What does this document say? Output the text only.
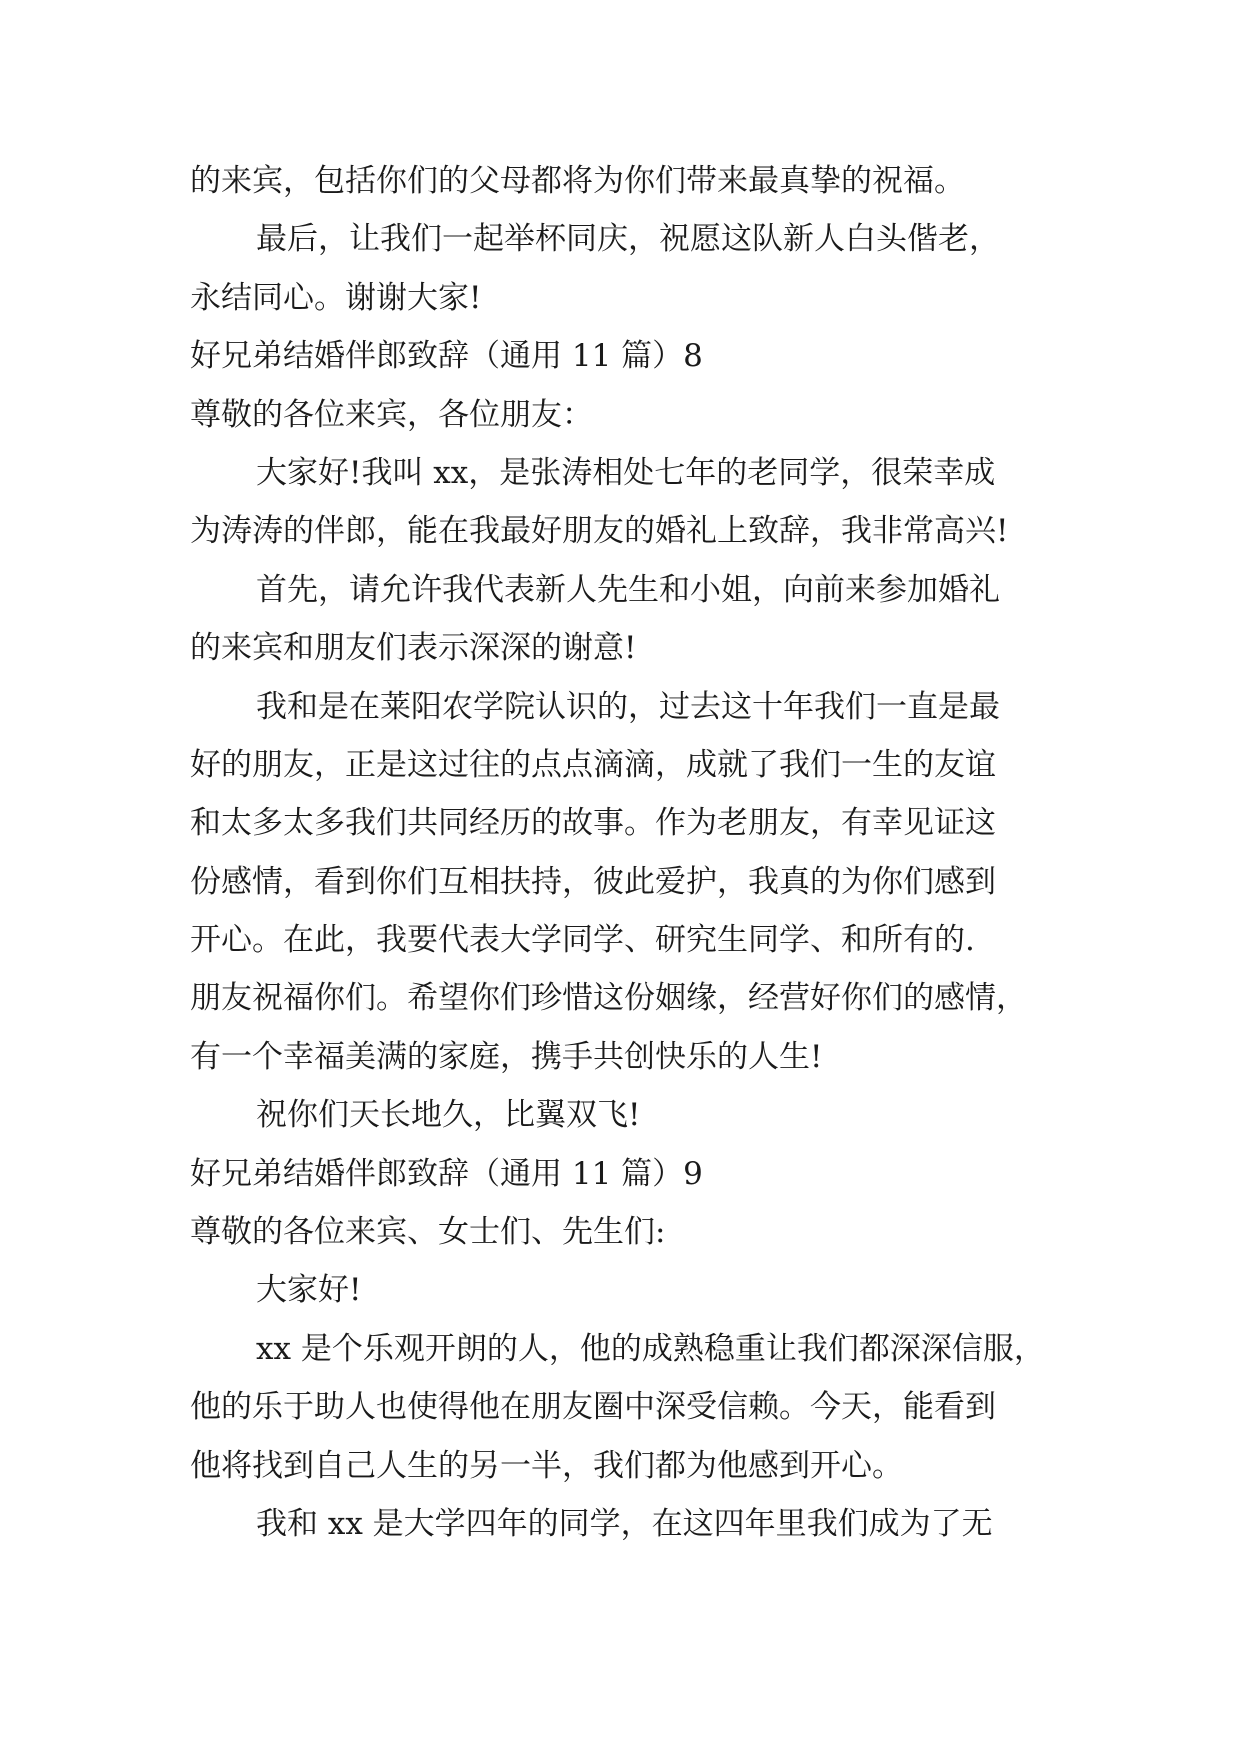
的来宾，包括你们的父母都将为你们带来最真挚的祝福。
最后，让我们一起举杯同庆，祝愿这队新人白头偕老，
永结同心。谢谢大家!
好兄弟结婚伴郎致辞（通用 11 篇）8
尊敬的各位来宾，各位朋友：
大家好!我叫 xx，是张涛相处七年的老同学，很荣幸成
为涛涛的伴郎，能在我最好朋友的婚礼上致辞，我非常高兴!
首先，请允许我代表新人先生和小姐，向前来参加婚礼
的来宾和朋友们表示深深的谢意!
我和是在莱阳农学院认识的，过去这十年我们一直是最
好的朋友，正是这过往的点点滴滴，成就了我们一生的友谊
和太多太多我们共同经历的故事。作为老朋友，有幸见证这
份感情，看到你们互相扶持，彼此爱护，我真的为你们感到
开心。在此，我要代表大学同学、研究生同学、和所有的.
朋友祝福你们。希望你们珍惜这份姻缘，经营好你们的感情，
有一个幸福美满的家庭，携手共创快乐的人生!
祝你们天长地久，比翼双飞!
好兄弟结婚伴郎致辞（通用 11 篇）9
尊敬的各位来宾、女士们、先生们:
大家好!
xx 是个乐观开朗的人，他的成熟稳重让我们都深深信服，
他的乐于助人也使得他在朋友圈中深受信赖。今天，能看到
他将找到自己人生的另一半，我们都为他感到开心。
我和 xx 是大学四年的同学，在这四年里我们成为了无
